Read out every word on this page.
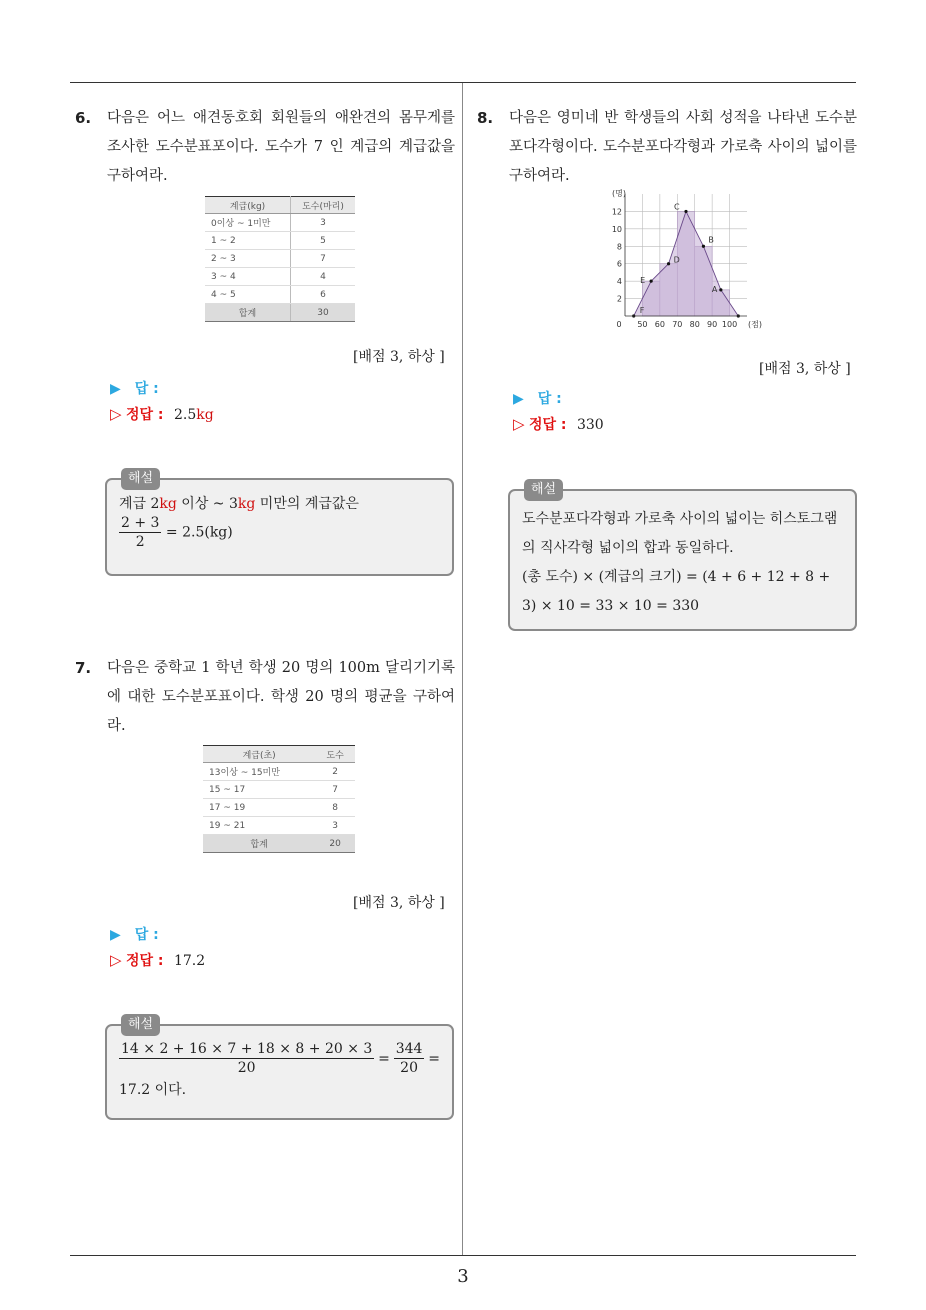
3
6. 다음은 어느 애견동호회 회원들의 애완견의 몸무게를 조사한 도수분표포이다. 도수가 7 인 계급의 계급값을 구하여라.
계급(kg)	도수(마리)
0이상 ~ 1미만	3
1 ~ 2	5
2 ~ 3	7
3 ~ 4	4
4 ~ 5	6
합계	30
[배점 3, 하상 ]
▶ 답 :
▷ 정답 : 2.5kg
해설
계급 2kg 이상 ~ 3kg 미만의 계급값은
$\frac{2 + 3}{2} = 2.5(kg)$
7. 다음은 중학교 1 학년 학생 20 명의 100m 달리기기록에 대한 도수분포표이다. 학생 20 명의 평균을 구하여라.
계급(초)	도수
13이상 ~ 15미만	2
15 ~ 17	7
17 ~ 19	8
19 ~ 21	3
합계	20
[배점 3, 하상 ]
▶ 답 :
▷ 정답 : 17.2
해설
$\frac{14 \times 2 + 16 \times 7 + 18 \times 8 + 20 \times 3}{20} = \frac{344}{20}$ =
17.2 이다.
8. 다음은 영미네 반 학생들의 사회 성적을 나타낸 도수분포다각형이다. 도수분포다각형과 가로축 사이의 넓이를 구하여라.
F
E
D
C
B
A
2
4
6
8
10
12
50 60 70 80 90 100
0
(명)
(점)
[배점 3, 하상 ]
▶ 답 :
▷ 정답 : 330
해설
도수분포다각형과 가로축 사이의 넓이는 히스토그램의 직사각형 넓이의 합과 동일하다.
(총 도수) × (계급의 크기) = (4 + 6 + 12 + 8 + 3) × 10 = 33 × 10 = 330
